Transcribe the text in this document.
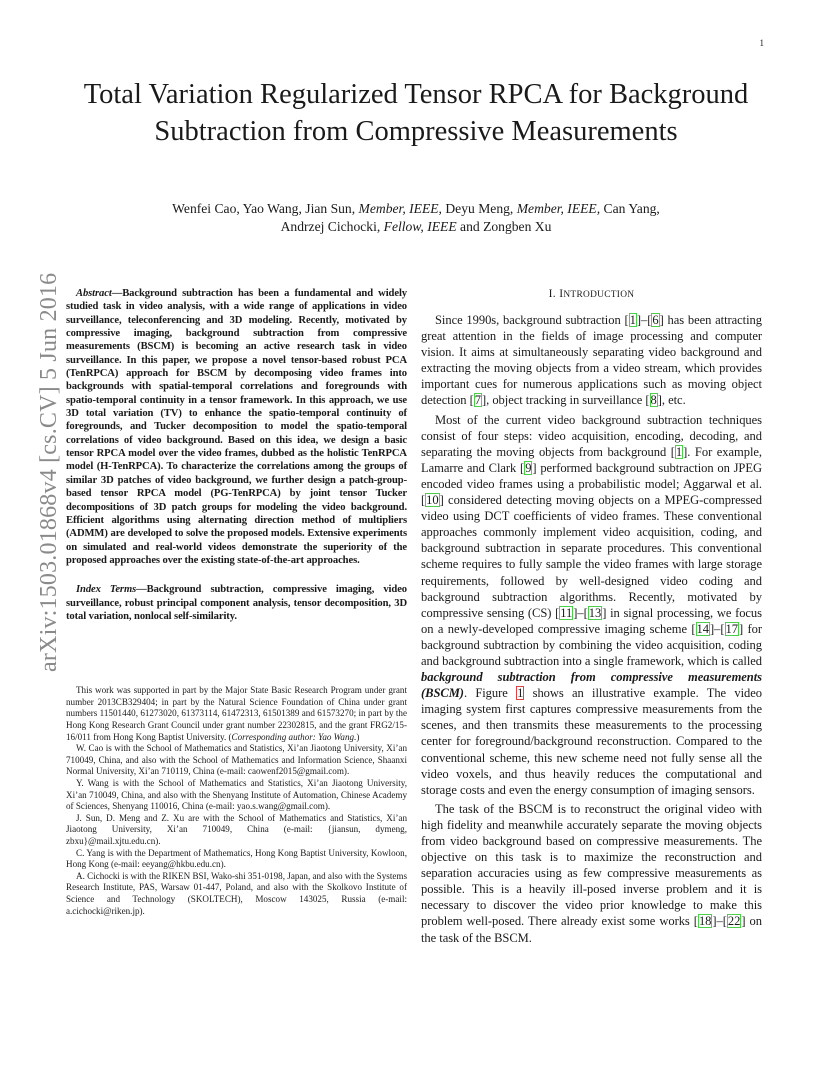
1
arXiv:1503.01868v4 [cs.CV] 5 Jun 2016
Total Variation Regularized Tensor RPCA for Background Subtraction from Compressive Measurements
Wenfei Cao, Yao Wang, Jian Sun, Member, IEEE, Deyu Meng, Member, IEEE, Can Yang,
Andrzej Cichocki, Fellow, IEEE and Zongben Xu

Abstract—Background subtraction has been a fundamental and widely studied task in video analysis, with a wide range of applications in video surveillance, teleconferencing and 3D modeling. Recently, motivated by compressive imaging, background subtraction from compressive measurements (BSCM) is becoming an active research task in video surveillance. In this paper, we propose a novel tensor-based robust PCA (TenRPCA) approach for BSCM by decomposing video frames into backgrounds with spatial-temporal correlations and foregrounds with spatio-temporal continuity in a tensor framework. In this approach, we use 3D total variation (TV) to enhance the spatio-temporal continuity of foregrounds, and Tucker decomposition to model the spatio-temporal correlations of video background. Based on this idea, we design a basic tensor RPCA model over the video frames, dubbed as the holistic TenRPCA model (H-TenRPCA). To characterize the correlations among the groups of similar 3D patches of video background, we further design a patch-group-based tensor RPCA model (PG-TenRPCA) by joint tensor Tucker decompositions of 3D patch groups for modeling the video background. Efficient algorithms using alternating direction method of multipliers (ADMM) are developed to solve the proposed models. Extensive experiments on simulated and real-world videos demonstrate the superiority of the proposed approaches over the existing state-of-the-art approaches.

Index Terms—Background subtraction, compressive imaging, video surveillance, robust principal component analysis, tensor decomposition, 3D total variation, nonlocal self-similarity.

This work was supported in part by the Major State Basic Research Program under grant number 2013CB329404; in part by the Natural Science Foundation of China under grant numbers 11501440, 61273020, 61373114, 61472313, 61501389 and 61573270; in part by the Hong Kong Research Grant Council under grant number 22302815, and the grant FRG2/15-16/011 from Hong Kong Baptist University. (Corresponding author: Yao Wang.)

W. Cao is with the School of Mathematics and Statistics, Xi’an Jiaotong University, Xi’an 710049, China, and also with the School of Mathematics and Information Science, Shaanxi Normal University, Xi’an 710119, China (e-mail: caowenf2015@gmail.com).

Y. Wang is with the School of Mathematics and Statistics, Xi’an Jiaotong University, Xi’an 710049, China, and also with the Shenyang Institute of Automation, Chinese Academy of Sciences, Shenyang 110016, China (e-mail: yao.s.wang@gmail.com).

J. Sun, D. Meng and Z. Xu are with the School of Mathematics and Statistics, Xi’an Jiaotong University, Xi’an 710049, China (e-mail: {jiansun, dymeng, zbxu}@mail.xjtu.edu.cn).

C. Yang is with the Department of Mathematics, Hong Kong Baptist University, Kowloon, Hong Kong (e-mail: eeyang@hkbu.edu.cn).

A. Cichocki is with the RIKEN BSI, Wako-shi 351-0198, Japan, and also with the Systems Research Institute, PAS, Warsaw 01-447, Poland, and also with the Skolkovo Institute of Science and Technology (SKOLTECH), Moscow 143025, Russia (e-mail: a.cichocki@riken.jp).

I. INTRODUCTION

Since 1990s, background subtraction [ 1 ] – [ 6 ] has been attracting great attention in the fields of image processing and computer vision. It aims at simultaneously separating video background and extracting the moving objects from a video stream, which provides important cues for numerous applications such as moving object detection [ 7 ] , object tracking in surveillance [ 8 ] , etc.

Most of the current video background subtraction techniques consist of four steps: video acquisition, encoding, decoding, and separating the moving objects from background [ 1 ] . For example, Lamarre and Clark [ 9 ] performed background subtraction on JPEG encoded video frames using a probabilistic model; Aggarwal et al. [ 10 ] considered detecting moving objects on a MPEG-compressed video using DCT coefficients of video frames. These conventional approaches commonly implement video acquisition, coding, and background subtraction in separate procedures. This conventional scheme requires to fully sample the video frames with large storage requirements, followed by well-designed video coding and background subtraction algorithms. Recently, motivated by compressive sensing (CS) [ 11 ] – [ 13 ] in signal processing, we focus on a newly-developed compressive imaging scheme [ 14 ] – [ 17 ] for background subtraction by combining the video acquisition, coding and background subtraction into a single framework, which is called background subtraction from compressive measurements (BSCM). Figure 1 shows an illustrative example. The video imaging system first captures compressive measurements from the scenes, and then transmits these measurements to the processing center for foreground/background reconstruction. Compared to the conventional scheme, this new scheme need not fully sense all the video voxels, and thus heavily reduces the computational and storage costs and even the energy consumption of imaging sensors.

The task of the BSCM is to reconstruct the original video with high fidelity and meanwhile accurately separate the moving objects from video background based on compressive measurements. The objective on this task is to maximize the reconstruction and separation accuracies using as few compressive measurements as possible. This is a heavily ill-posed inverse problem and it is necessary to discover the video prior knowledge to make this problem well-posed. There already exist some works [ 18 ] – [ 22 ] on the task of the BSCM.
